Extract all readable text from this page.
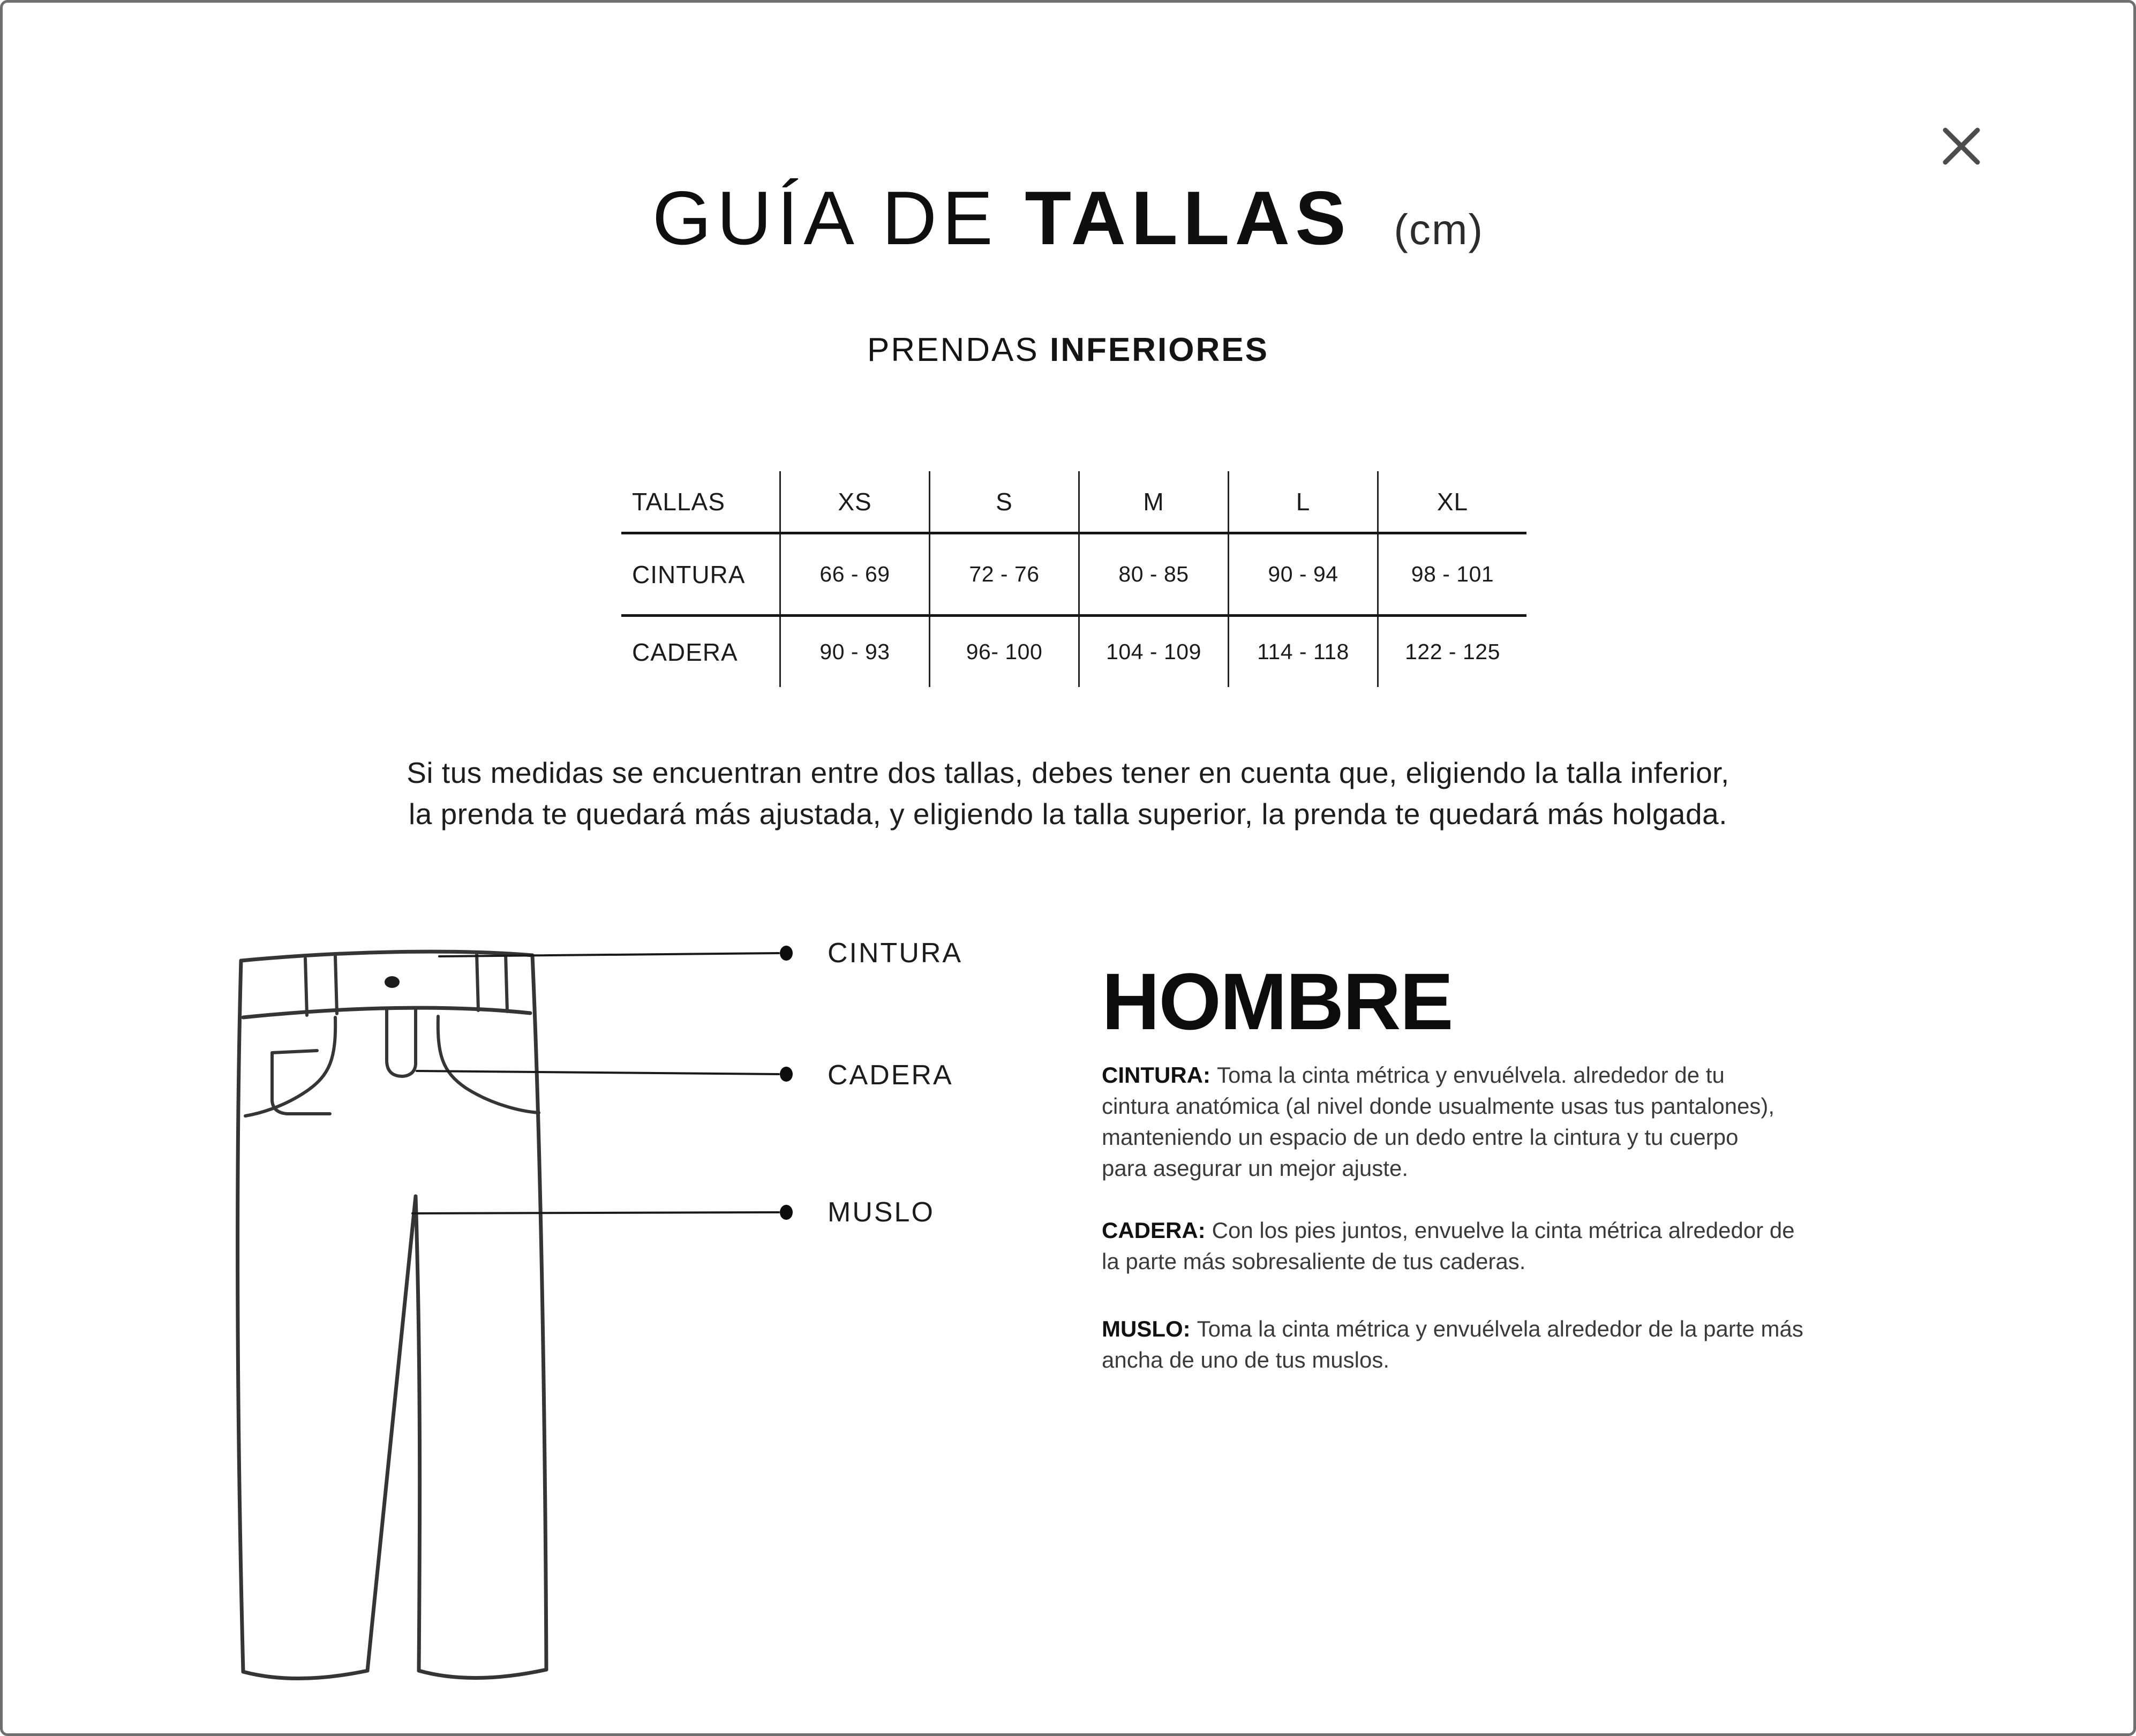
GUÍA DE TALLAS (cm)
PRENDAS INFERIORES
TALLAS	XS	S	M	L	XL
CINTURA	66 - 69	72 - 76	80 - 85	90 - 94	98 - 101
CADERA	90 - 93	96- 100	104 - 109	114 - 118	122 - 125
Si tus medidas se encuentran entre dos tallas, debes tener en cuenta que, eligiendo la talla inferior,
la prenda te quedará más ajustada, y eligiendo la talla superior, la prenda te quedará más holgada.
CINTURA
CADERA
MUSLO
HOMBRE

CINTURA: Toma la cinta métrica y envuélvela. alrededor de tu
cintura anatómica (al nivel donde usualmente usas tus pantalones),
manteniendo un espacio de un dedo entre la cintura y tu cuerpo
para asegurar un mejor ajuste.

CADERA: Con los pies juntos, envuelve la cinta métrica alrededor de
la parte más sobresaliente de tus caderas.

MUSLO: Toma la cinta métrica y envuélvela alrededor de la parte más
ancha de uno de tus muslos.
